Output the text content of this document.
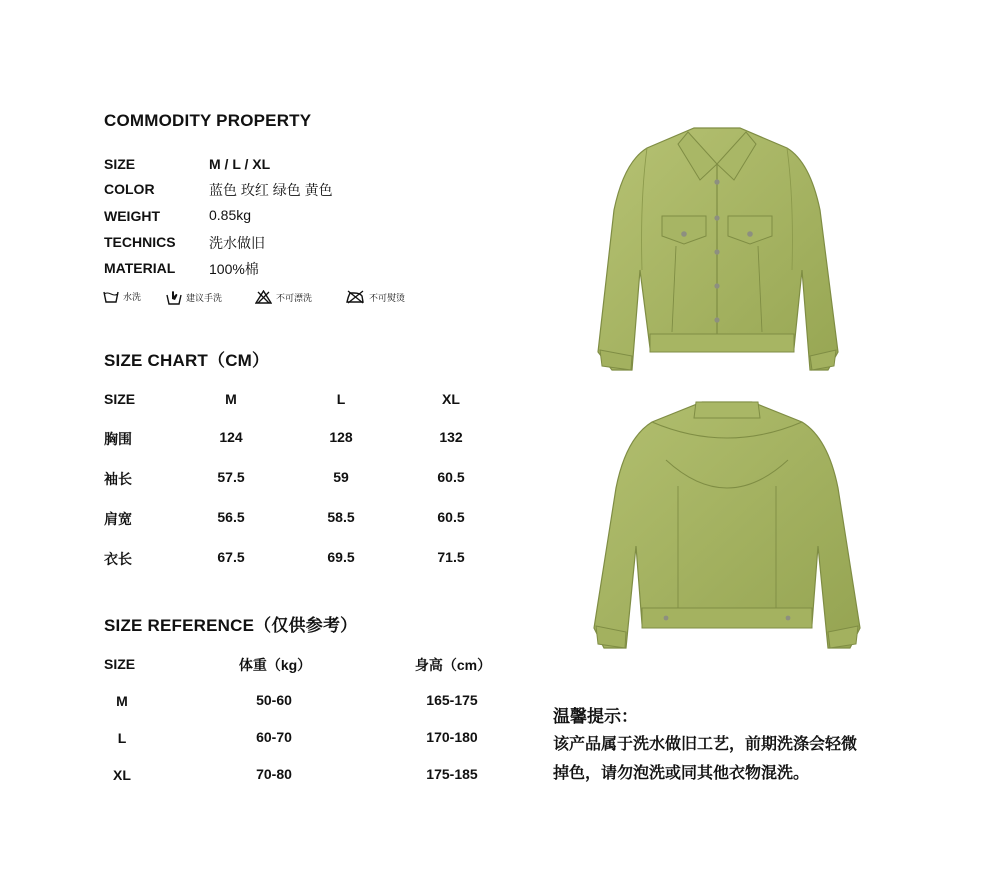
COMMODITY PROPERTY
SIZE	M / L / XL
COLOR	蓝色 玫红 绿色 黄色
WEIGHT	0.85kg
TECHNICS 洗水做旧
MATERIAL 100%棉
水洗	建议手洗	不可漂洗	不可熨烫
SIZE CHART（CM）
SIZE	M	L	XL
胸围	124	128	132
袖长	57.5	59	60.5
肩宽	56.5	58.5	60.5
衣长	67.5	69.5	71.5
SIZE REFERENCE（仅供参考）
SIZE	体重（kg）	身高（cm）
M	50-60	165-175
L	60-70	170-180
XL	70-80	175-185
温馨提示：
该产品属于洗水做旧工艺，前期洗涤会轻微
掉色，请勿泡洗或同其他衣物混洗。
